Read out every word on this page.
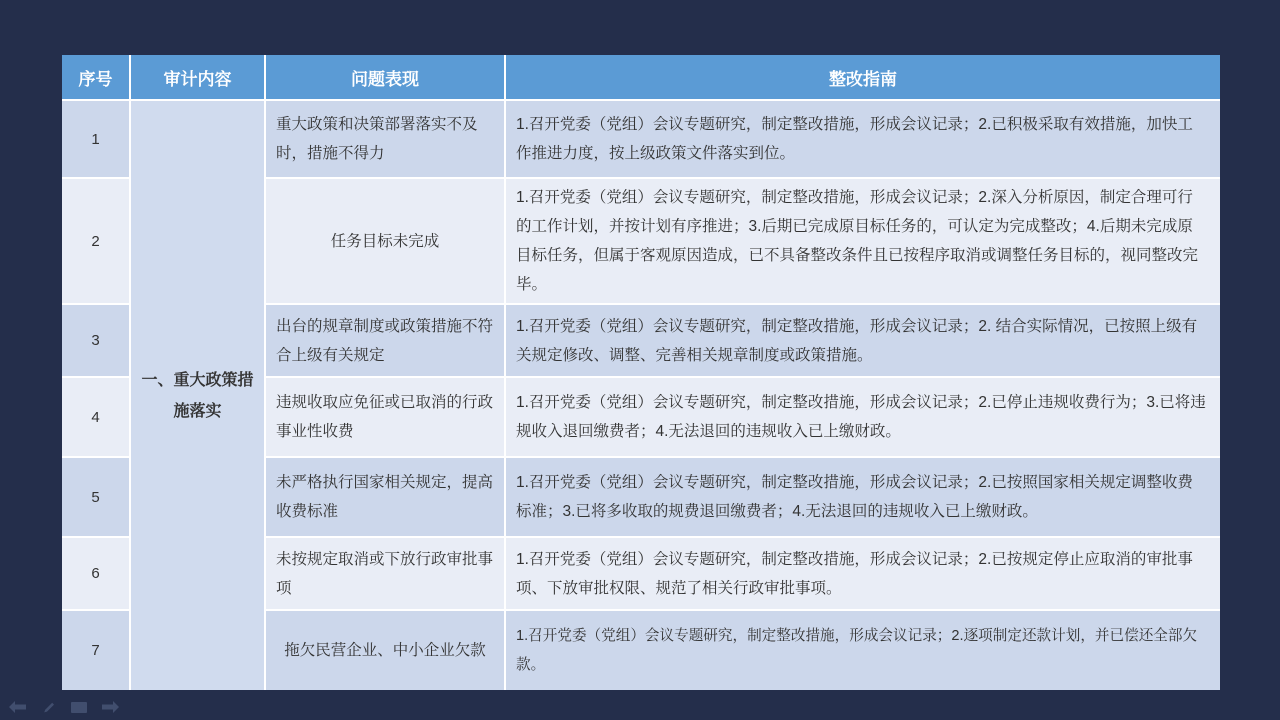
序号	审计内容	问题表现	整改指南
1	一、重大政策措施落实	重大政策和决策部署落实不及时，措施不得力	1.召开党委（党组）会议专题研究，制定整改措施，形成会议记录；2.已积极采取有效措施，加快工作推进力度，按上级政策文件落实到位。
2		任务目标未完成	1.召开党委（党组）会议专题研究，制定整改措施，形成会议记录；2.深入分析原因，制定合理可行的工作计划，并按计划有序推进；3.后期已完成原目标任务的，可认定为完成整改；4.后期未完成原目标任务，但属于客观原因造成，已不具备整改条件且已按程序取消或调整任务目标的，视同整改完毕。
3		出台的规章制度或政策措施不符合上级有关规定	1.召开党委（党组）会议专题研究，制定整改措施，形成会议记录；2. 结合实际情况，已按照上级有关规定修改、调整、完善相关规章制度或政策措施。
4		违规收取应免征或已取消的行政事业性收费	1.召开党委（党组）会议专题研究，制定整改措施，形成会议记录；2.已停止违规收费行为；3.已将违规收入退回缴费者；4.无法退回的违规收入已上缴财政。
5		未严格执行国家相关规定，提高收费标准	1.召开党委（党组）会议专题研究，制定整改措施，形成会议记录；2.已按照国家相关规定调整收费标准；3.已将多收取的规费退回缴费者；4.无法退回的违规收入已上缴财政。
6		未按规定取消或下放行政审批事项	1.召开党委（党组）会议专题研究，制定整改措施，形成会议记录；2.已按规定停止应取消的审批事项、下放审批权限、规范了相关行政审批事项。
7		拖欠民营企业、中小企业欠款	1.召开党委（党组）会议专题研究，制定整改措施，形成会议记录；2.逐项制定还款计划，并已偿还全部欠款。
